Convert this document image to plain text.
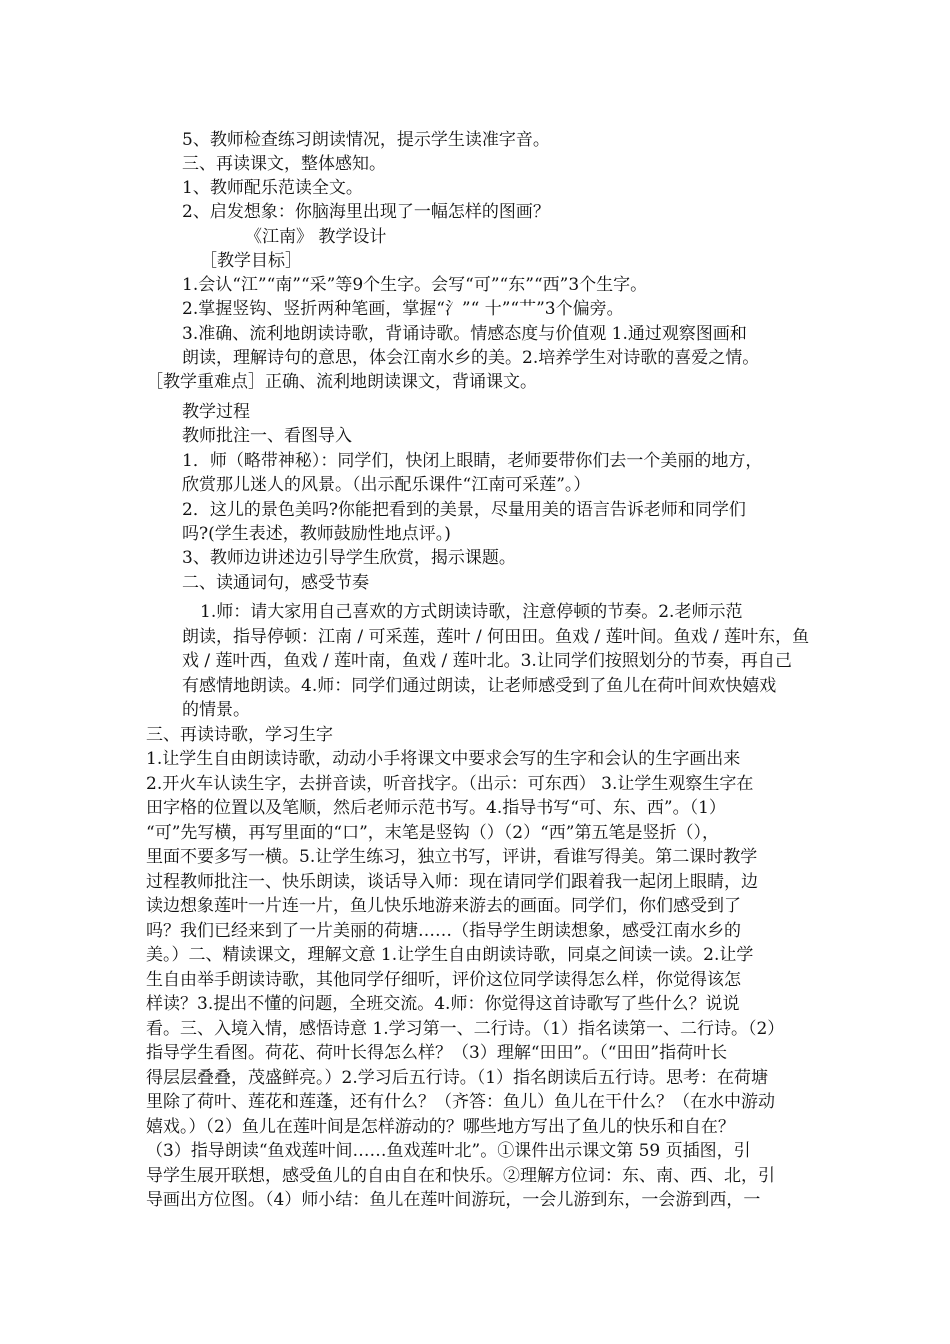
5、教师检查练习朗读情况，提示学生读准字音。
三、再读课文，整体感知。
1、教师配乐范读全文。
2、启发想象：你脑海里出现了一幅怎样的图画？
《江南》 教学设计
［教学目标］
1.会认“江”“南”“采”等9个生字。会写“可”“东”“西”3个生字。
2.掌握竖钩、竖折两种笔画，掌握“氵”“ 十”“艹”3个偏旁。
3.准确、流利地朗读诗歌，背诵诗歌。情感态度与价值观 1.通过观察图画和
朗读，理解诗句的意思，体会江南水乡的美。2.培养学生对诗歌的喜爱之情。
［教学重难点］正确、流利地朗读课文，背诵课文。
教学过程
教师批注一、看图导入
1．师（略带神秘）：同学们，快闭上眼睛，老师要带你们去一个美丽的地方，
欣赏那儿迷人的风景。（出示配乐课件“江南可采莲”。）
2．这儿的景色美吗?你能把看到的美景，尽量用美的语言告诉老师和同学们
吗?(学生表述，教师鼓励性地点评。)
3、教师边讲述边引导学生欣赏，揭示课题。
二、读通词句，感受节奏
1.师：请大家用自己喜欢的方式朗读诗歌，注意停顿的节奏。2.老师示范
朗读，指导停顿：江南 / 可采莲，莲叶 / 何田田。鱼戏 / 莲叶间。鱼戏 / 莲叶东，鱼
戏 / 莲叶西，鱼戏 / 莲叶南，鱼戏 / 莲叶北。3.让同学们按照划分的节奏，再自己
有感情地朗读。4.师：同学们通过朗读，让老师感受到了鱼儿在荷叶间欢快嬉戏
的情景。
三、再读诗歌，学习生字
1.让学生自由朗读诗歌，动动小手将课文中要求会写的生字和会认的生字画出来
2.开火车认读生字，去拼音读，听音找字。（出示：可东西） 3.让学生观察生字在
田字格的位置以及笔顺，然后老师示范书写。4.指导书写“可、东、西”。（1）
“可”先写横，再写里面的“口”，末笔是竖钩（）（2）“西”第五笔是竖折（），
里面不要多写一横。5.让学生练习，独立书写，评讲，看谁写得美。第二课时教学
过程教师批注一、快乐朗读，谈话导入师：现在请同学们跟着我一起闭上眼睛，边
读边想象莲叶一片连一片，鱼儿快乐地游来游去的画面。同学们，你们感受到了
吗？我们已经来到了一片美丽的荷塘……（指导学生朗读想象，感受江南水乡的
美。）二、精读课文，理解文意 1.让学生自由朗读诗歌，同桌之间读一读。2.让学
生自由举手朗读诗歌，其他同学仔细听，评价这位同学读得怎么样，你觉得该怎
样读？3.提出不懂的问题，全班交流。4.师：你觉得这首诗歌写了些什么？说说
看。三、入境入情，感悟诗意 1.学习第一、二行诗。（1）指名读第一、二行诗。（2）
指导学生看图。荷花、荷叶长得怎么样？（3）理解“田田”。（“田田”指荷叶长
得层层叠叠，茂盛鲜亮。）2.学习后五行诗。（1）指名朗读后五行诗。思考：在荷塘
里除了荷叶、莲花和莲蓬，还有什么？（齐答：鱼儿）鱼儿在干什么？（在水中游动
嬉戏。）（2）鱼儿在莲叶间是怎样游动的？哪些地方写出了鱼儿的快乐和自在？
（3）指导朗读“鱼戏莲叶间……鱼戏莲叶北”。①课件出示课文第 59 页插图，引
导学生展开联想，感受鱼儿的自由自在和快乐。②理解方位词：东、南、西、北，引
导画出方位图。（4）师小结：鱼儿在莲叶间游玩，一会儿游到东，一会游到西，一
